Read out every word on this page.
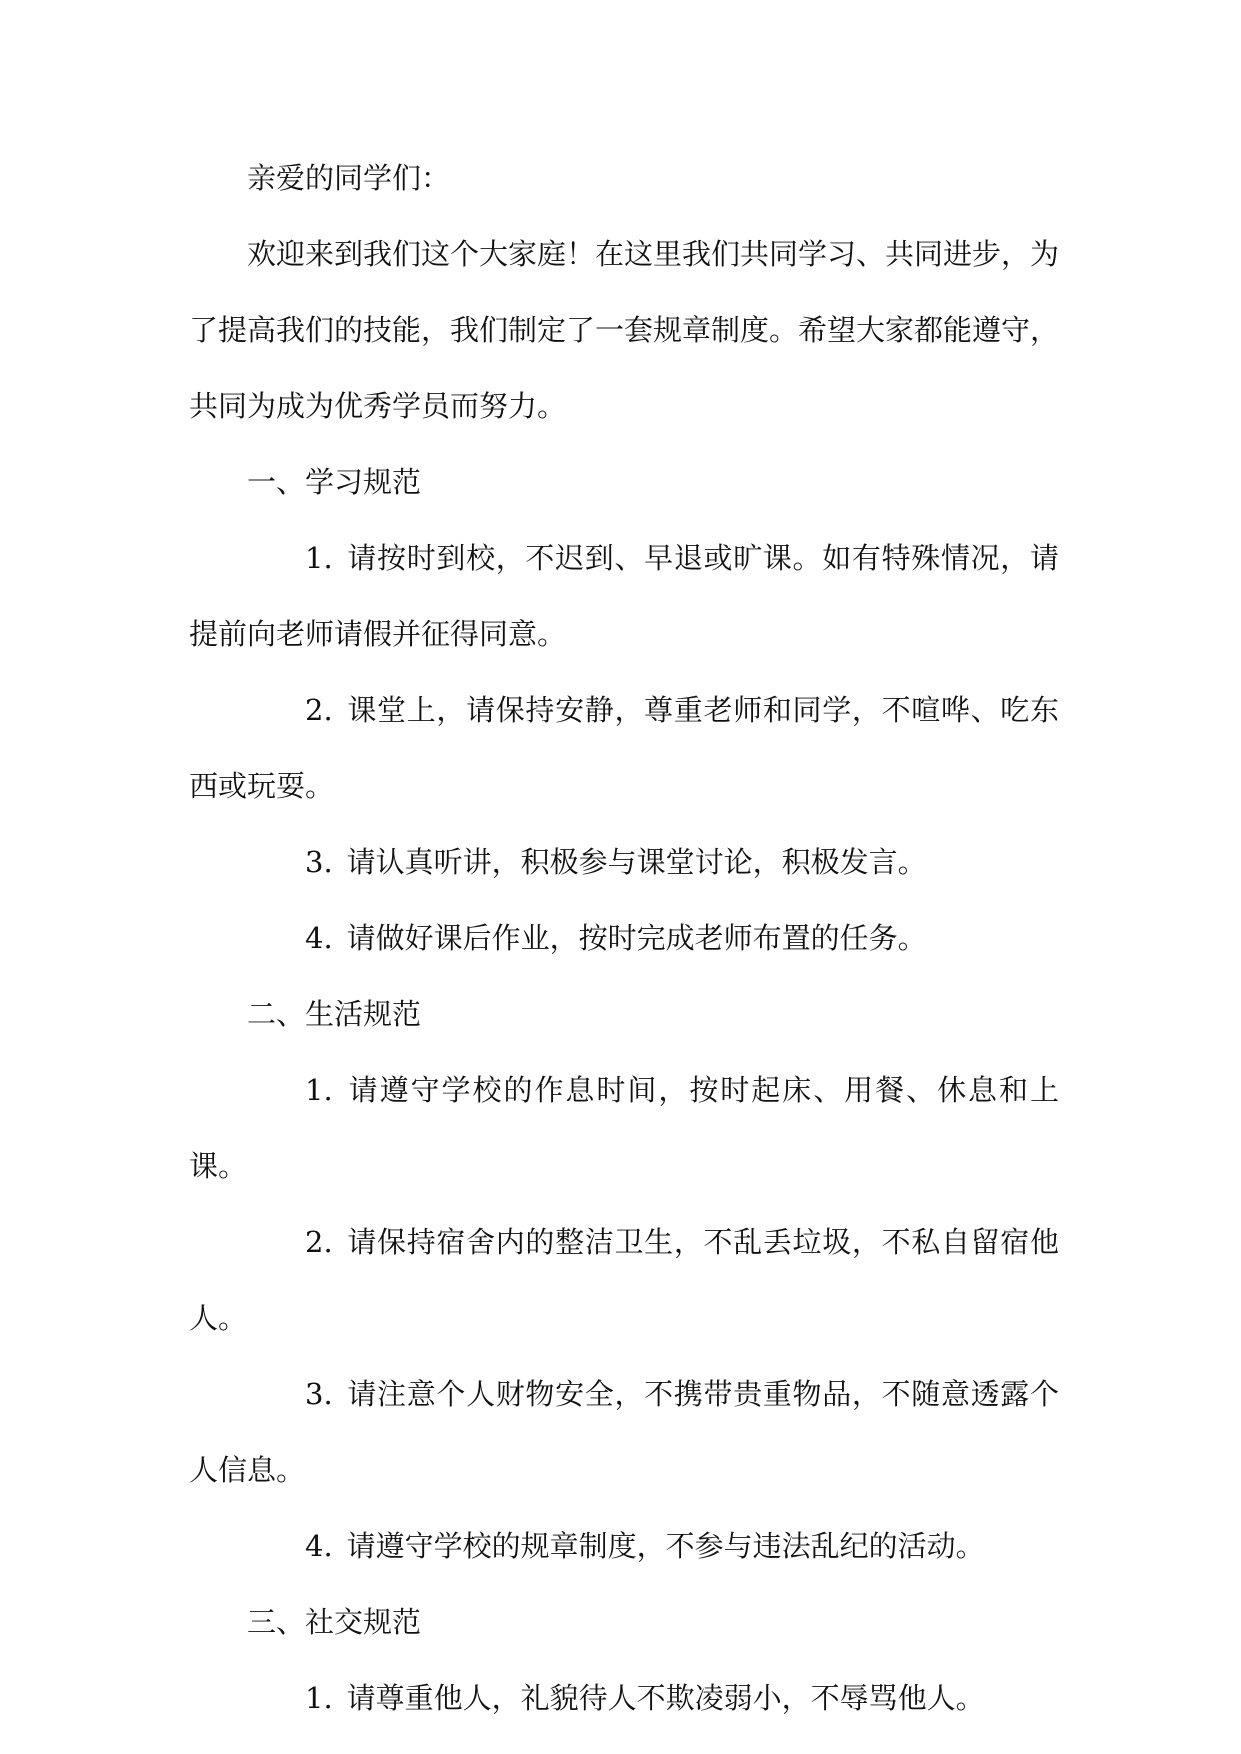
亲爱的同学们：

欢迎来到我们这个大家庭！在这里我们共同学习、共同进步，为了提高我们的技能，我们制定了一套规章制度。希望大家都能遵守，共同为成为优秀学员而努力。

一、学习规范

1. 请按时到校，不迟到、早退或旷课。如有特殊情况，请提前向老师请假并征得同意。

2. 课堂上，请保持安静，尊重老师和同学，不喧哗、吃东西或玩耍。

3. 请认真听讲，积极参与课堂讨论，积极发言。

4. 请做好课后作业，按时完成老师布置的任务。

二、生活规范

1. 请遵守学校的作息时间，按时起床、用餐、休息和上课。

2. 请保持宿舍内的整洁卫生，不乱丢垃圾，不私自留宿他人。

3. 请注意个人财物安全，不携带贵重物品，不随意透露个人信息。

4. 请遵守学校的规章制度，不参与违法乱纪的活动。

三、社交规范

1. 请尊重他人，礼貌待人不欺凌弱小，不辱骂他人。
